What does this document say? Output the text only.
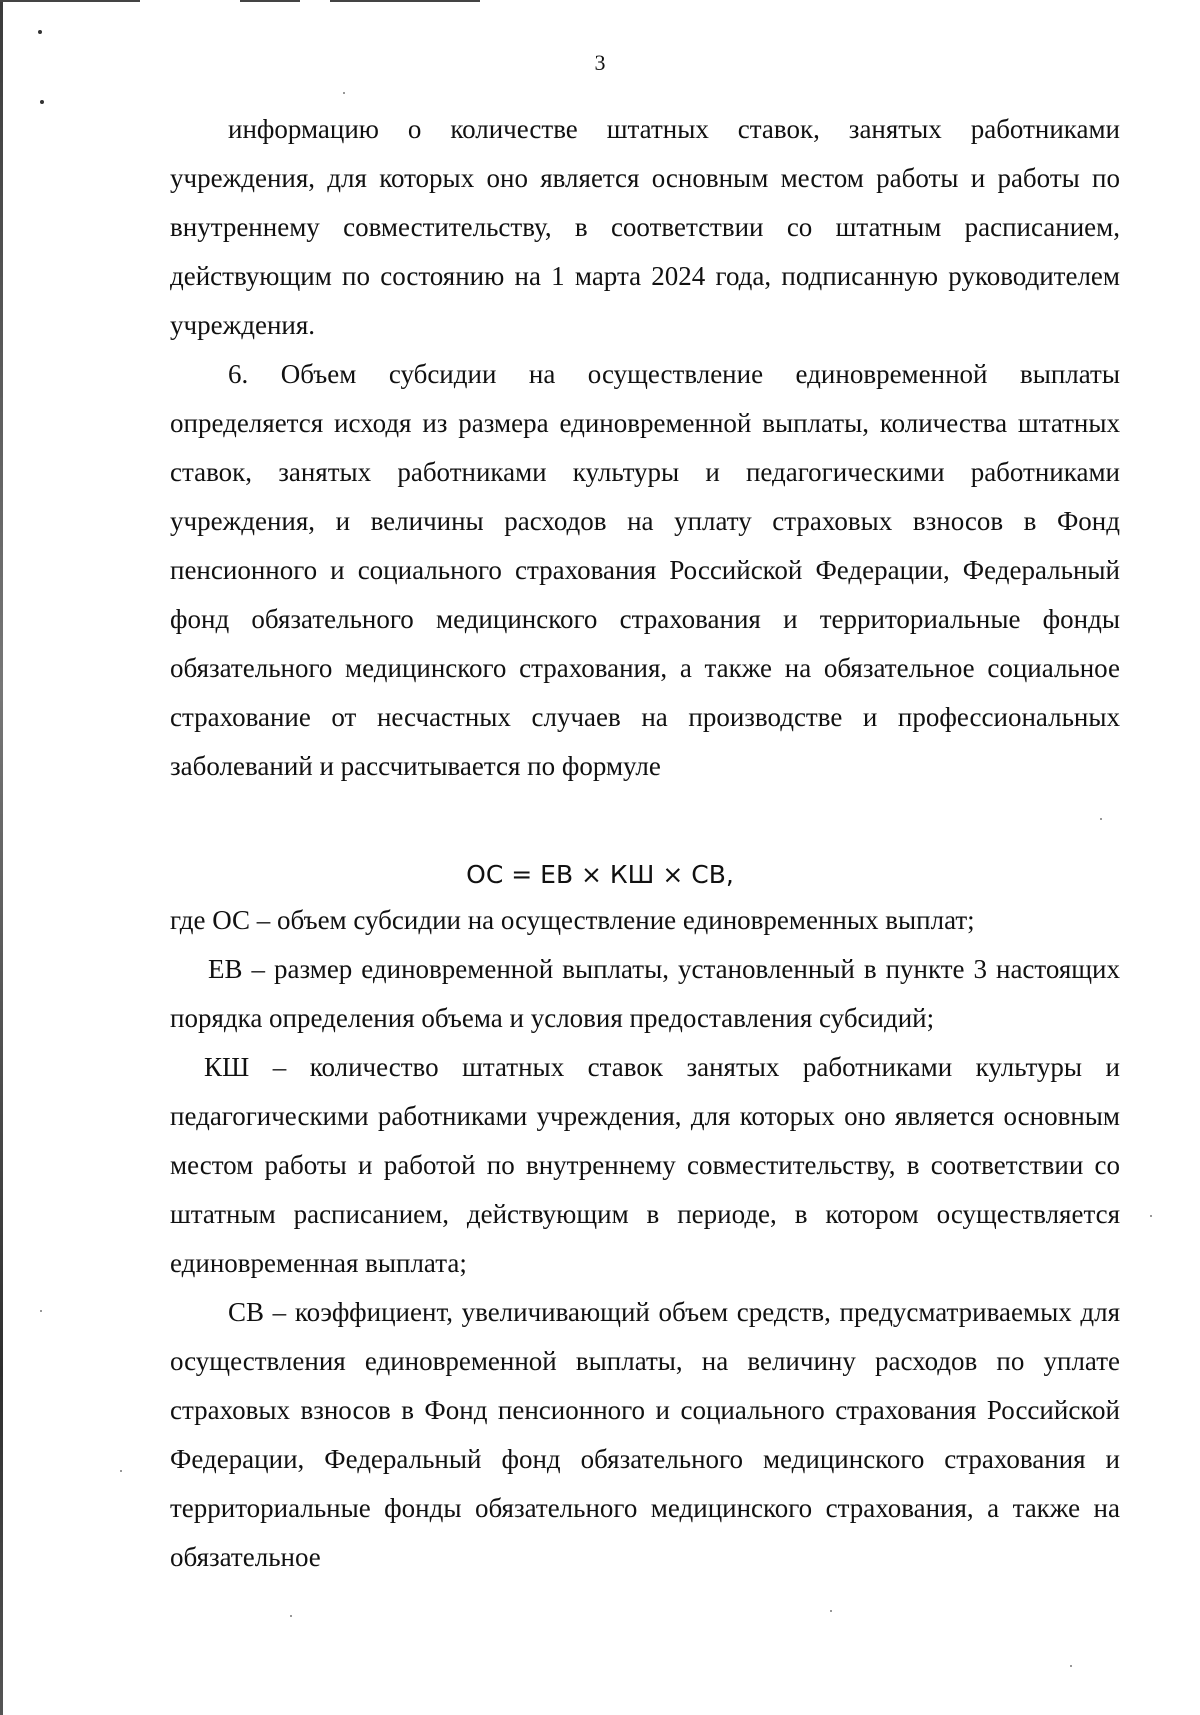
3

информацию о количестве штатных ставок, занятых работниками учреждения, для которых оно является основным местом работы и работы по внутреннему совместительству, в соответствии со штатным расписанием, действующим по состоянию на 1 марта 2024 года, подписанную руководителем учреждения.

6. Объем субсидии на осуществление единовременной выплаты определяется исходя из размера единовременной выплаты, количества штатных ставок, занятых работниками культуры и педагогическими работниками учреждения, и величины расходов на уплату страховых взносов в Фонд пенсионного и социального страхования Российской Федерации, Федеральный фонд обязательного медицинского страхования и территориальные фонды обязательного медицинского страхования, а также на обязательное социальное страхование от несчастных случаев на производстве и профессиональных заболеваний и рассчитывается по формуле

ОС = ЕВ × КШ × СВ,

где ОС – объем субсидии на осуществление единовременных выплат;

ЕВ – размер единовременной выплаты, установленный в пункте 3 настоящих порядка определения объема и условия предоставления субсидий;

КШ – количество штатных ставок занятых работниками культуры и педагогическими работниками учреждения, для которых оно является основным местом работы и работой по внутреннему совместительству, в соответствии со штатным расписанием, действующим в периоде, в котором осуществляется единовременная выплата;

СВ – коэффициент, увеличивающий объем средств, предусматриваемых для осуществления единовременной выплаты, на величину расходов по уплате страховых взносов в Фонд пенсионного и социального страхования Российской Федерации, Федеральный фонд обязательного медицинского страхования и территориальные фонды обязательного медицинского страхования, а также на обязательное
